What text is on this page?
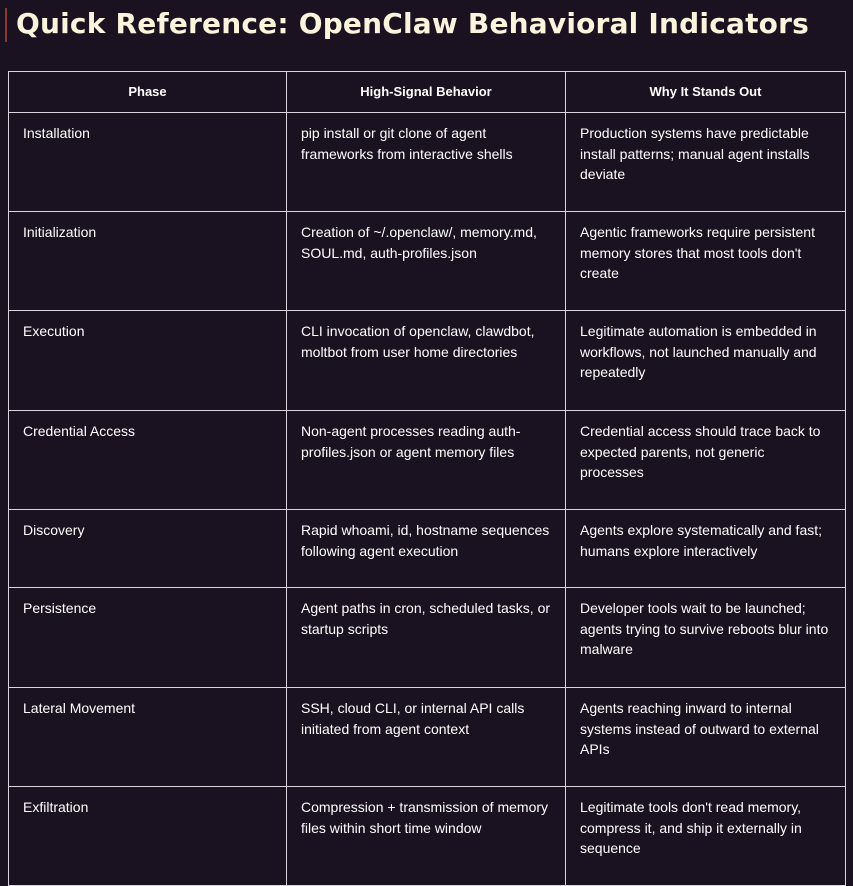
Quick Reference: OpenClaw Behavioral Indicators
Phase	High-Signal Behavior	Why It Stands Out
Installation	pip install or git clone of agent frameworks from interactive shells	Production systems have predictable install patterns; manual agent installs deviate
Initialization	Creation of ~/.openclaw/, memory.md, SOUL.md, auth-profiles.json	Agentic frameworks require persistent memory stores that most tools don't create
Execution	CLI invocation of openclaw, clawdbot, moltbot from user home directories	Legitimate automation is embedded in workflows, not launched manually and repeatedly
Credential Access	Non-agent processes reading auth-profiles.json or agent memory files	Credential access should trace back to expected parents, not generic processes
Discovery	Rapid whoami, id, hostname sequences following agent execution	Agents explore systematically and fast; humans explore interactively
Persistence	Agent paths in cron, scheduled tasks, or startup scripts	Developer tools wait to be launched; agents trying to survive reboots blur into malware
Lateral Movement	SSH, cloud CLI, or internal API calls initiated from agent context	Agents reaching inward to internal systems instead of outward to external APIs
Exfiltration	Compression + transmission of memory files within short time window	Legitimate tools don't read memory, compress it, and ship it externally in sequence
